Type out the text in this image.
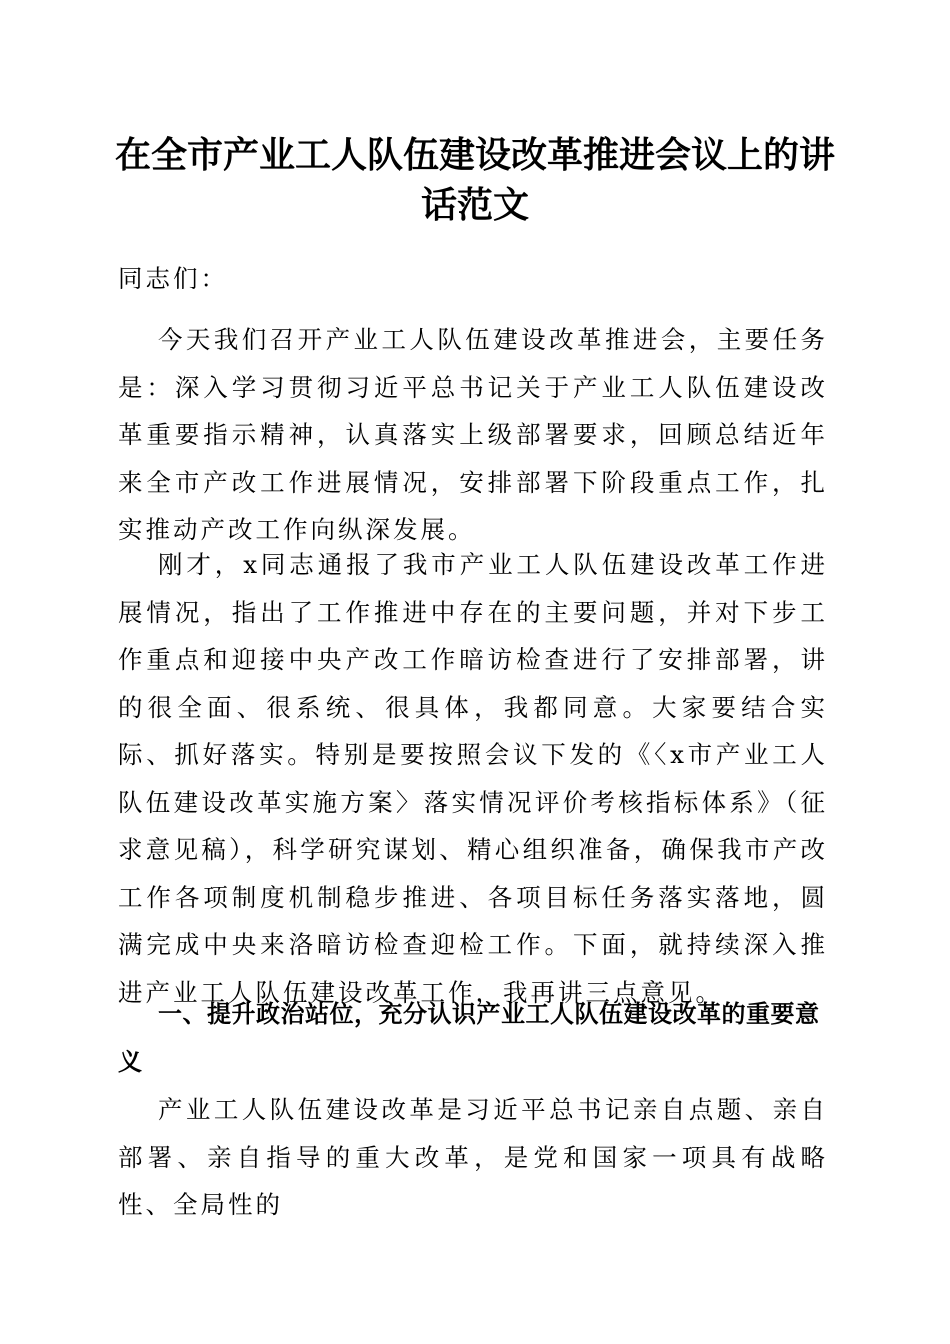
在全市产业工人队伍建设改革推进会议上的讲话范文

同志们：

今天我们召开产业工人队伍建设改革推进会，主要任务是：深入学习贯彻习近平总书记关于产业工人队伍建设改革重要指示精神，认真落实上级部署要求，回顾总结近年来全市产改工作进展情况，安排部署下阶段重点工作，扎实推动产改工作向纵深发展。

刚才，x同志通报了我市产业工人队伍建设改革工作进展情况，指出了工作推进中存在的主要问题，并对下步工作重点和迎接中央产改工作暗访检查进行了安排部署，讲的很全面、很系统、很具体，我都同意。大家要结合实际、抓好落实。特别是要按照会议下发的《〈x市产业工人队伍建设改革实施方案〉落实情况评价考核指标体系》（征求意见稿），科学研究谋划、精心组织准备，确保我市产改工作各项制度机制稳步推进、各项目标任务落实落地，圆满完成中央来洛暗访检查迎检工作。下面，就持续深入推进产业工人队伍建设改革工作，我再讲三点意见。

一、提升政治站位，充分认识产业工人队伍建设改革的重要意义

产业工人队伍建设改革是习近平总书记亲自点题、亲自部署、亲自指导的重大改革，是党和国家一项具有战略性、全局性的
